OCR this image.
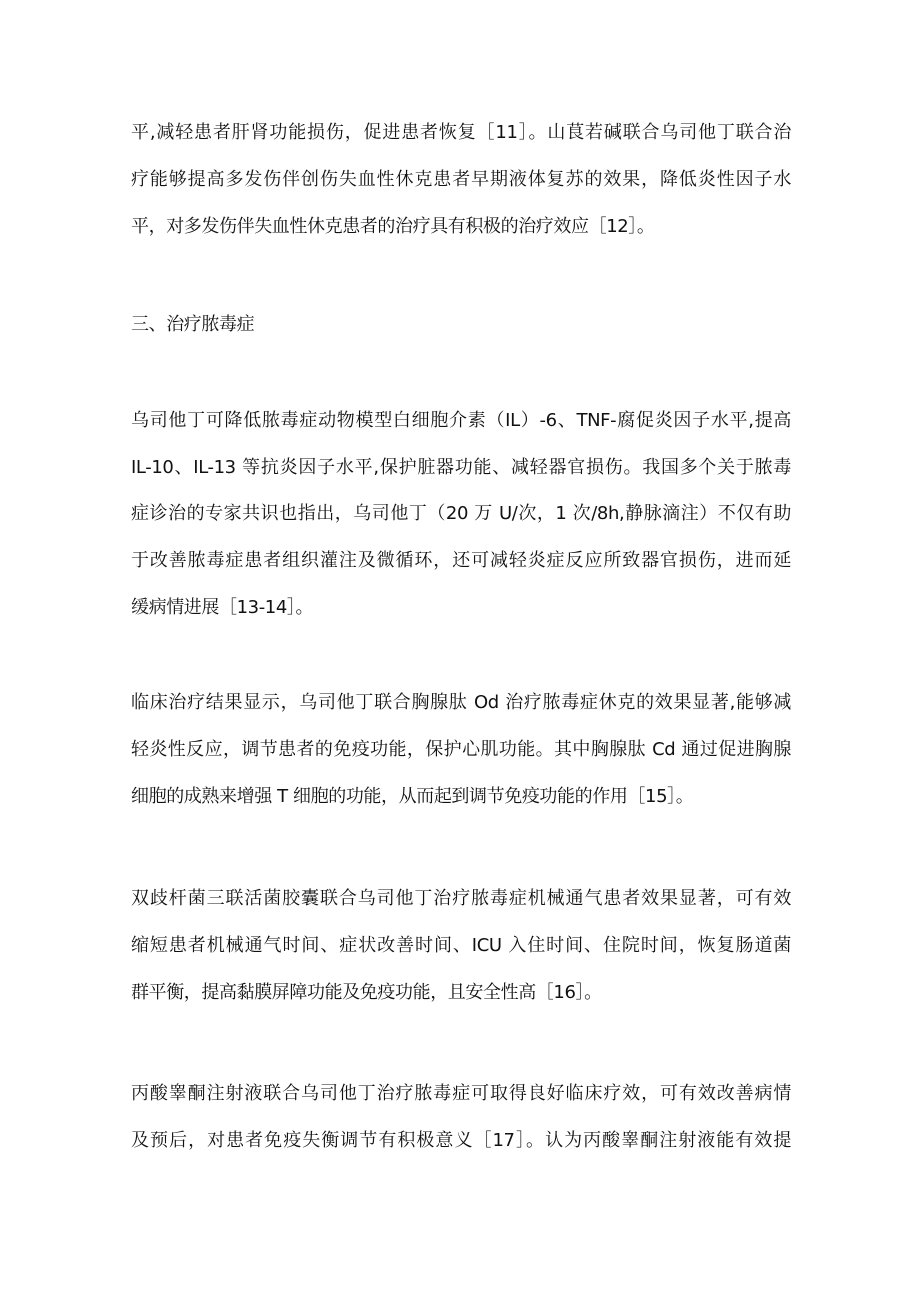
平,减轻患者肝肾功能损伤，促进患者恢复［11］。山茛若碱联合乌司他丁联合治
疗能够提高多发伤伴创伤失血性休克患者早期液体复苏的效果，降低炎性因子水
平，对多发伤伴失血性休克患者的治疗具有积极的治疗效应［12］。
三、治疗脓毒症
乌司他丁可降低脓毒症动物模型白细胞介素（IL）-6、TNF-腐促炎因子水平,提高
IL-10、IL-13 等抗炎因子水平,保护脏器功能、减轻器官损伤。我国多个关于脓毒
症诊治的专家共识也指出，乌司他丁（20 万 U/次，1 次/8h,静脉滴注）不仅有助
于改善脓毒症患者组织灌注及微循环，还可减轻炎症反应所致器官损伤，进而延
缓病情进展［13-14］。
临床治疗结果显示，乌司他丁联合胸腺肽 Od 治疗脓毒症休克的效果显著,能够减
轻炎性反应，调节患者的免疫功能，保护心肌功能。其中胸腺肽 Cd 通过促进胸腺
细胞的成熟来增强 T 细胞的功能，从而起到调节免疫功能的作用［15］。
双歧杆菌三联活菌胶囊联合乌司他丁治疗脓毒症机械通气患者效果显著，可有效
缩短患者机械通气时间、症状改善时间、ICU 入住时间、住院时间，恢复肠道菌
群平衡，提高黏膜屏障功能及免疫功能，且安全性高［16］。
丙酸睾酮注射液联合乌司他丁治疗脓毒症可取得良好临床疗效，可有效改善病情
及预后，对患者免疫失衡调节有积极意义［17］。认为丙酸睾酮注射液能有效提
